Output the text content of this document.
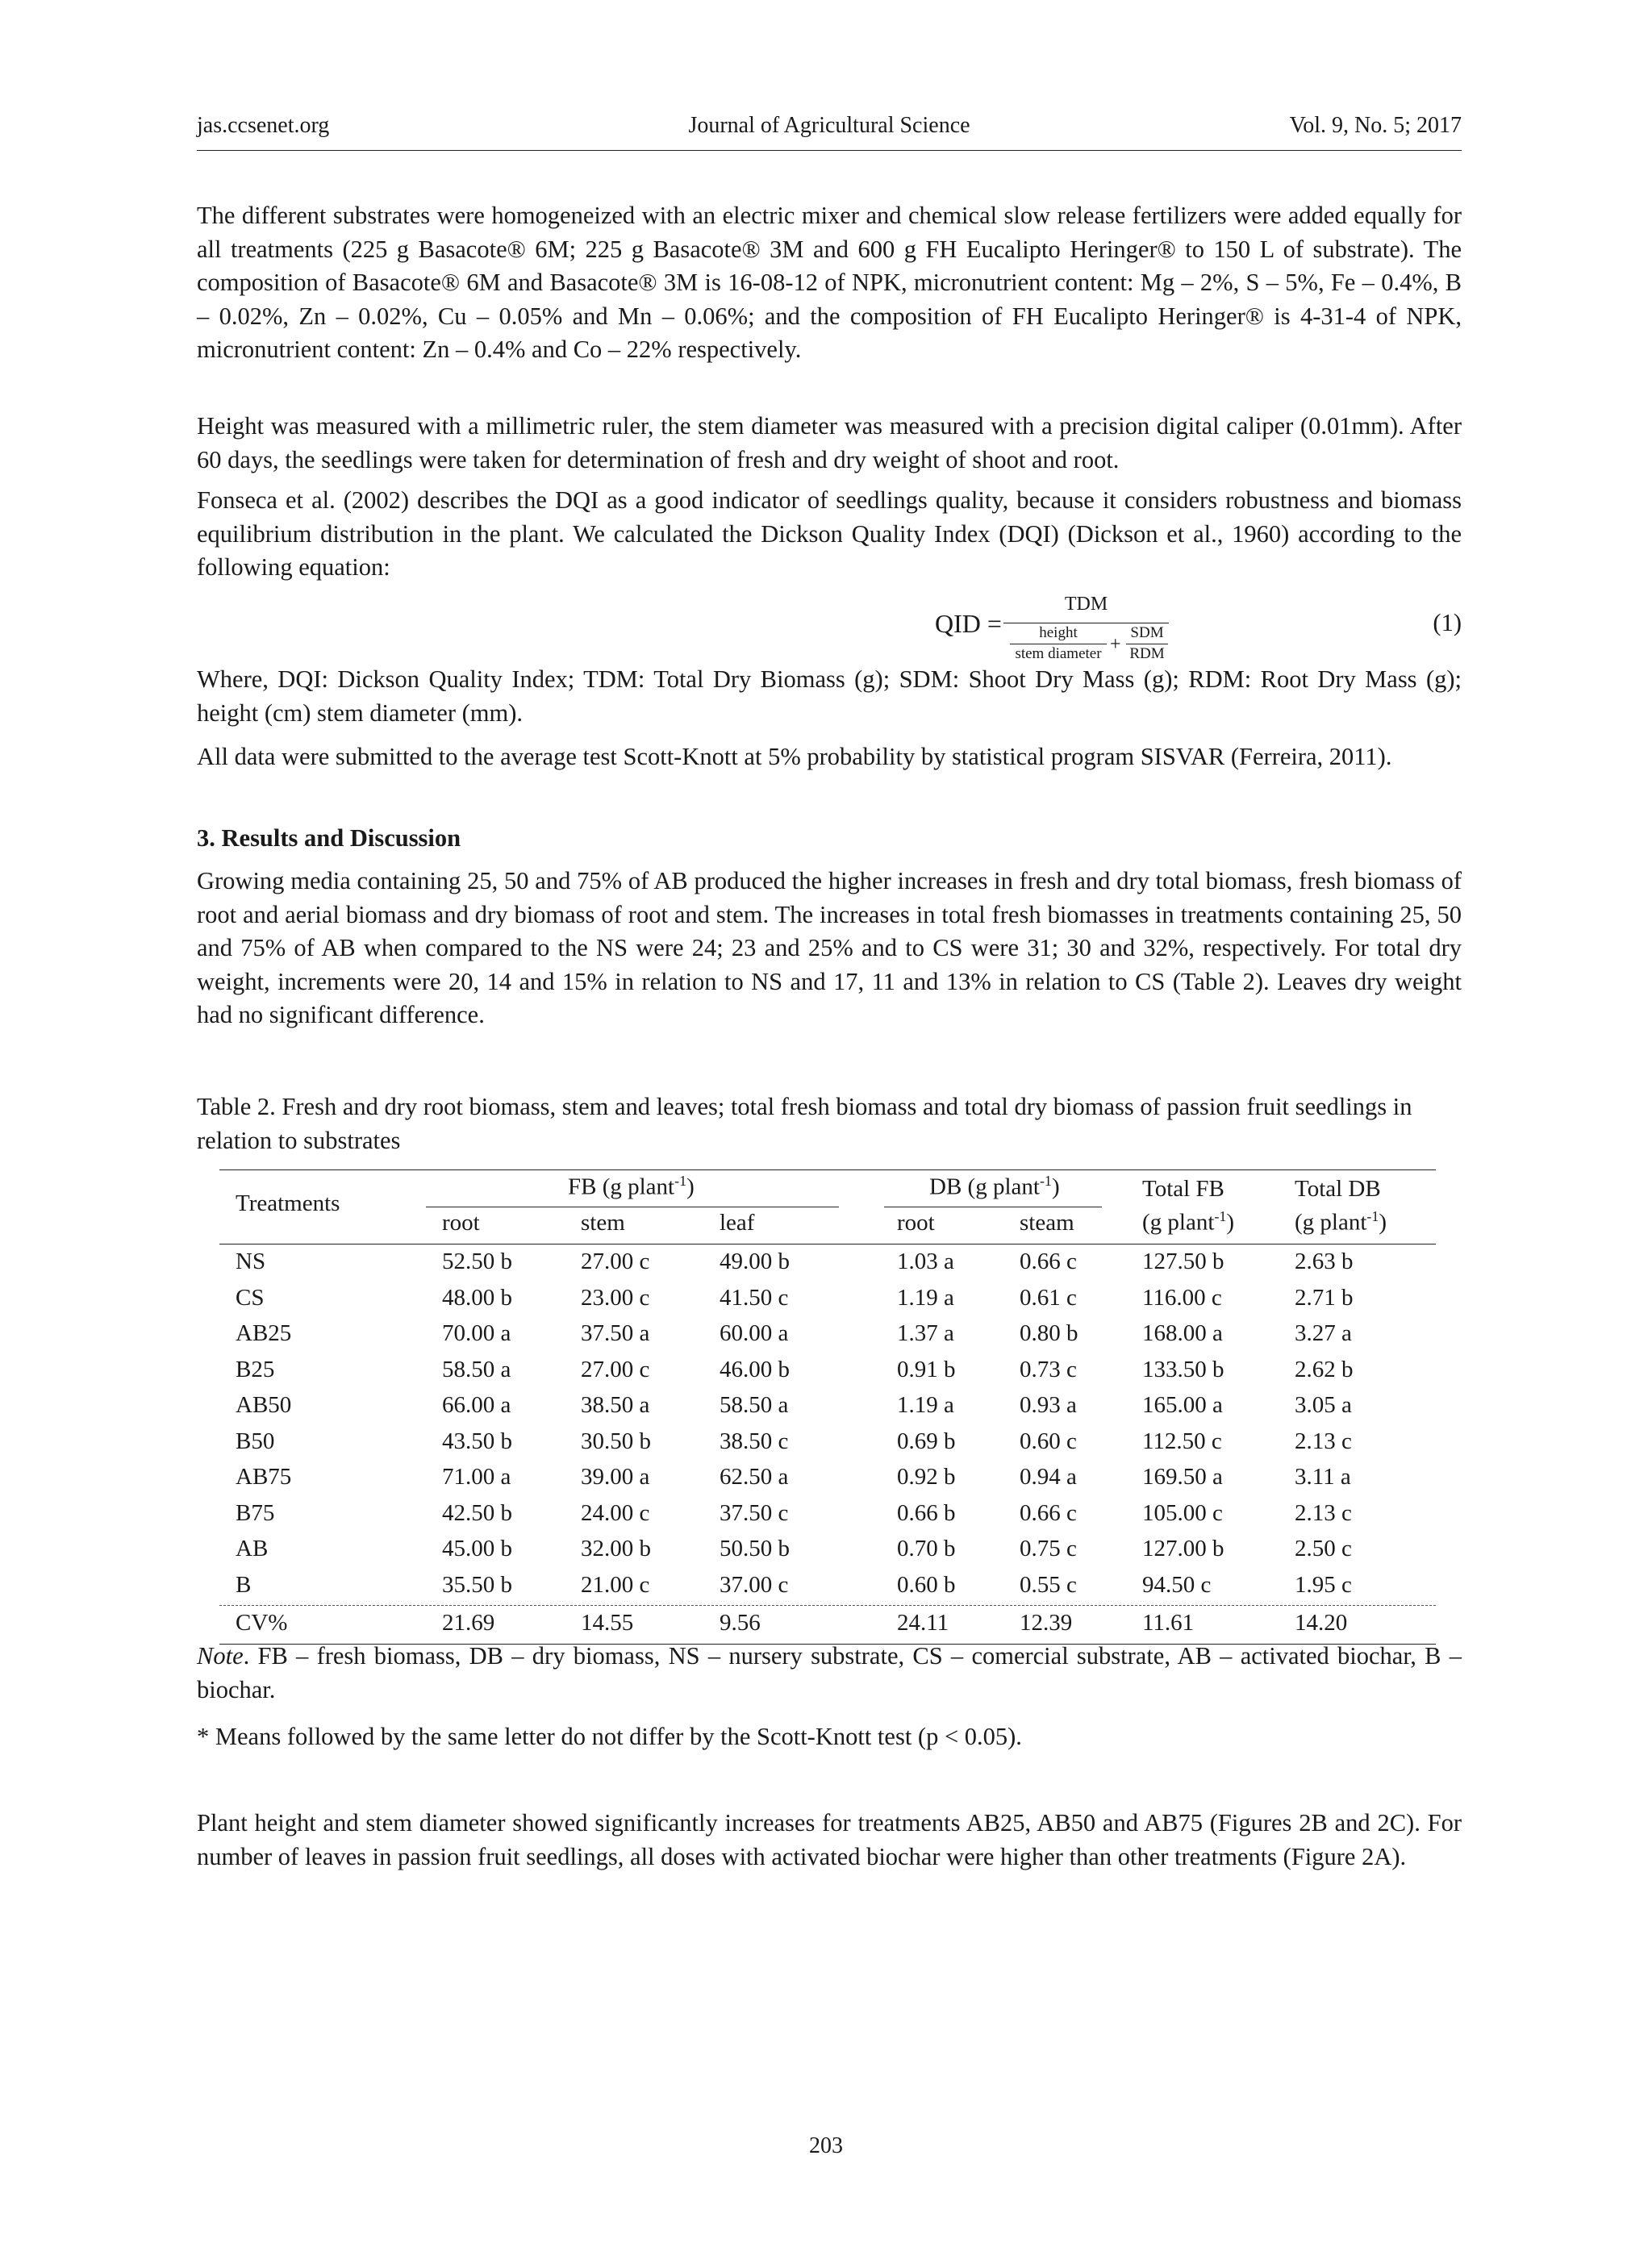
jas.ccsenet.org	Journal of Agricultural Science	Vol. 9, No. 5; 2017

The different substrates were homogeneized with an electric mixer and chemical slow release fertilizers were added equally for all treatments (225 g Basacote® 6M; 225 g Basacote® 3M and 600 g FH Eucalipto Heringer® to 150 L of substrate). The composition of Basacote® 6M and Basacote® 3M is 16-08-12 of NPK, micronutrient content: Mg – 2%, S – 5%, Fe – 0.4%, B – 0.02%, Zn – 0.02%, Cu – 0.05% and Mn – 0.06%; and the composition of FH Eucalipto Heringer® is 4-31-4 of NPK, micronutrient content: Zn – 0.4% and Co – 22% respectively.

Height was measured with a millimetric ruler, the stem diameter was measured with a precision digital caliper (0.01mm). After 60 days, the seedlings were taken for determination of fresh and dry weight of shoot and root.

Fonseca et al. (2002) describes the DQI as a good indicator of seedlings quality, because it considers robustness and biomass equilibrium distribution in the plant. We calculated the Dickson Quality Index (DQI) (Dickson et al., 1960) according to the following equation:

QID =
TDM
height
stem diameter +
SDM
RDM
(1)

Where, DQI: Dickson Quality Index; TDM: Total Dry Biomass (g); SDM: Shoot Dry Mass (g); RDM: Root Dry Mass (g); height (cm) stem diameter (mm).

All data were submitted to the average test Scott-Knott at 5% probability by statistical program SISVAR (Ferreira, 2011).

3. Results and Discussion

Growing media containing 25, 50 and 75% of AB produced the higher increases in fresh and dry total biomass, fresh biomass of root and aerial biomass and dry biomass of root and stem. The increases in total fresh biomasses in treatments containing 25, 50 and 75% of AB when compared to the NS were 24; 23 and 25% and to CS were 31; 30 and 32%, respectively. For total dry weight, increments were 20, 14 and 15% in relation to NS and 17, 11 and 13% in relation to CS (Table 2). Leaves dry weight had no significant difference.

Table 2. Fresh and dry root biomass, stem and leaves; total fresh biomass and total dry biomass of passion fruit seedlings in relation to substrates

Treatments
FB (g plant$^{-1}$)	DB (g plant$^{-1}$)	Total FB
(g plant$^{-1}$)
Total DB
(g plant$^{-1}$)
root	stem	leaf	root	steam
NS	52.50 b	27.00 c	49.00 b	1.03 a	0.66 c	127.50 b	2.63 b
CS	48.00 b	23.00 c	41.50 c	1.19 a	0.61 c	116.00 c	2.71 b
AB25	70.00 a	37.50 a	60.00 a	1.37 a	0.80 b	168.00 a	3.27 a
B25	58.50 a	27.00 c	46.00 b	0.91 b	0.73 c	133.50 b	2.62 b
AB50	66.00 a	38.50 a	58.50 a	1.19 a	0.93 a	165.00 a	3.05 a
B50	43.50 b	30.50 b	38.50 c	0.69 b	0.60 c	112.50 c	2.13 c
AB75	71.00 a	39.00 a	62.50 a	0.92 b	0.94 a	169.50 a	3.11 a
B75	42.50 b	24.00 c	37.50 c	0.66 b	0.66 c	105.00 c	2.13 c
AB	45.00 b	32.00 b	50.50 b	0.70 b	0.75 c	127.00 b	2.50 c
B	35.50 b	21.00 c	37.00 c	0.60 b	0.55 c	94.50 c	1.95 c
CV%	21.69	14.55	9.56	24.11	12.39	11.61	14.20

Note. FB – fresh biomass, DB – dry biomass, NS – nursery substrate, CS – comercial substrate, AB – activated biochar, B – biochar.

* Means followed by the same letter do not differ by the Scott-Knott test (p < 0.05).

Plant height and stem diameter showed significantly increases for treatments AB25, AB50 and AB75 (Figures 2B and 2C). For number of leaves in passion fruit seedlings, all doses with activated biochar were higher than other treatments (Figure 2A).

203
